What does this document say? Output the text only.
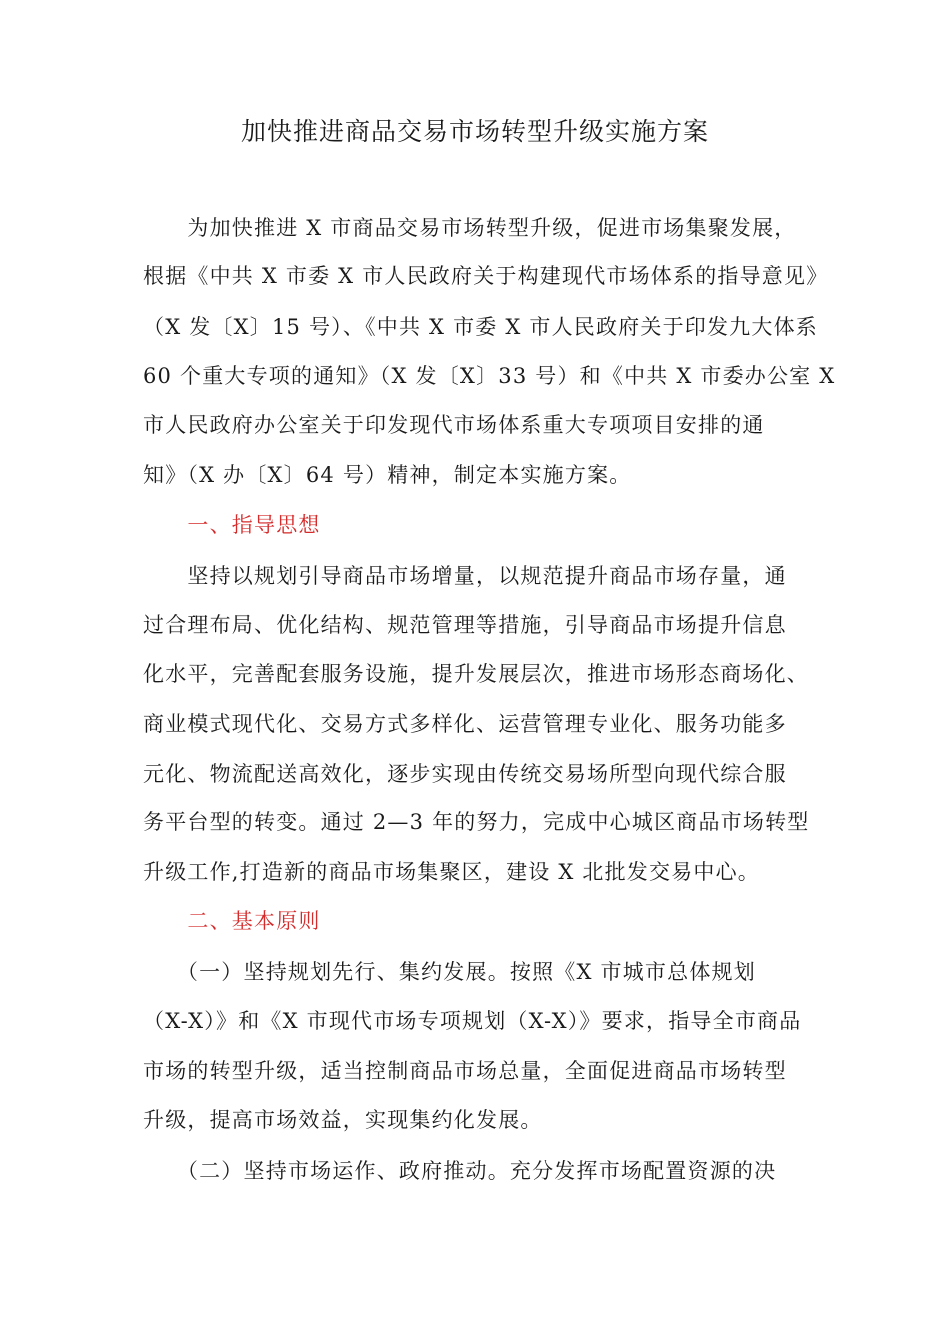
加快推进商品交易市场转型升级实施方案
　　为加快推进 X 市商品交易市场转型升级，促进市场集聚发展，
根据《中共 X 市委 X 市人民政府关于构建现代市场体系的指导意见》
（X 发〔X〕15 号）、《中共 X 市委 X 市人民政府关于印发九大体系
60 个重大专项的通知》（X 发〔X〕33 号）和《中共 X 市委办公室 X
市人民政府办公室关于印发现代市场体系重大专项项目安排的通
知》（X 办〔X〕64 号）精神，制定本实施方案。
　　一、指导思想
　　坚持以规划引导商品市场增量，以规范提升商品市场存量，通
过合理布局、优化结构、规范管理等措施，引导商品市场提升信息
化水平，完善配套服务设施，提升发展层次，推进市场形态商场化、
商业模式现代化、交易方式多样化、运营管理专业化、服务功能多
元化、物流配送高效化，逐步实现由传统交易场所型向现代综合服
务平台型的转变。通过 2—3 年的努力，完成中心城区商品市场转型
升级工作,打造新的商品市场集聚区，建设 X 北批发交易中心。
　　二、基本原则
　　（一）坚持规划先行、集约发展。按照《X 市城市总体规划
（X-X）》和《X 市现代市场专项规划（X-X）》要求，指导全市商品
市场的转型升级，适当控制商品市场总量，全面促进商品市场转型
升级，提高市场效益，实现集约化发展。
　　（二）坚持市场运作、政府推动。充分发挥市场配置资源的决
